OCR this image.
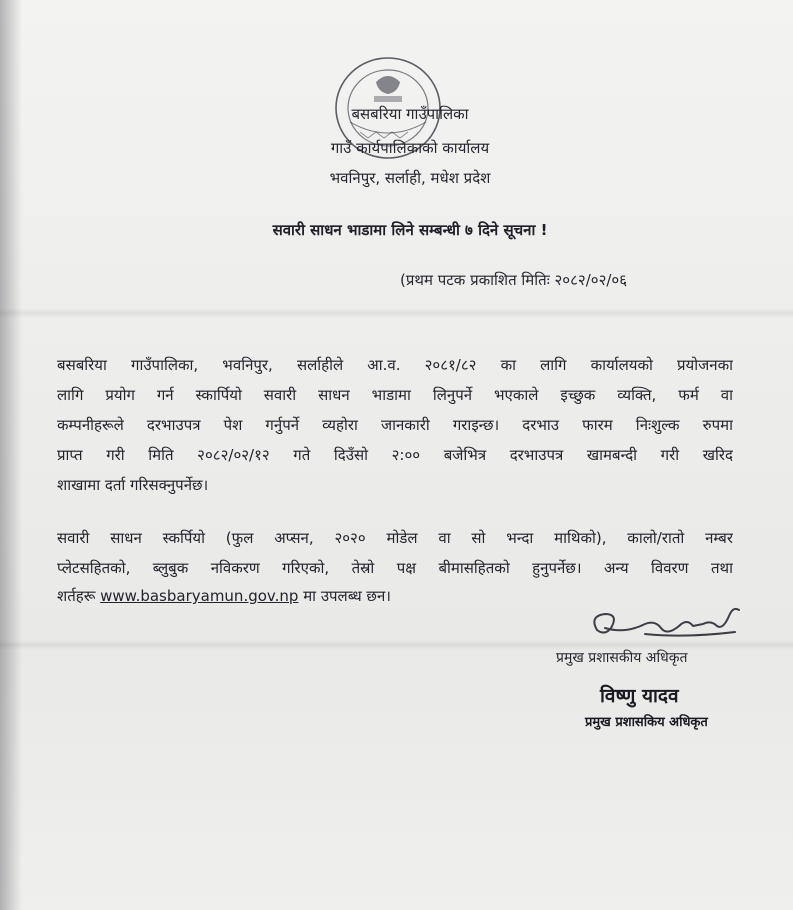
बसबरिया गाउँपालिका
गाउँ कार्यपालिकाको कार्यालय
भवनिपुर, सर्लाही, मधेश प्रदेश
सवारी साधन भाडामा लिने सम्बन्धी ७ दिने सूचना !
(प्रथम पटक प्रकाशित मितिः २०८२/०२/०६
बसबरिया गाउँपालिका, भवनिपुर, सर्लाहीले आ.व. २०८१/८२ का लागि कार्यालयको प्रयोजनका
लागि प्रयोग गर्न स्कार्पियो सवारी साधन भाडामा लिनुपर्ने भएकाले इच्छुक व्यक्ति, फर्म वा
कम्पनीहरूले दरभाउपत्र पेश गर्नुपर्ने व्यहोरा जानकारी गराइन्छ। दरभाउ फारम निःशुल्क रुपमा
प्राप्त गरी मिति २०८२/०२/१२ गते दिउँसो २:०० बजेभित्र दरभाउपत्र खामबन्दी गरी खरिद
शाखामा दर्ता गरिसक्नुपर्नेछ।
सवारी साधन स्कर्पियो (फुल अप्सन, २०२० मोडेल वा सो भन्दा माथिको), कालो/रातो नम्बर
प्लेटसहितको, ब्लुबुक नविकरण गरिएको, तेस्रो पक्ष बीमासहितको हुनुपर्नेछ। अन्य विवरण तथा
शर्तहरू www.basbaryamun.gov.np मा उपलब्ध छन।
प्रमुख प्रशासकीय अधिकृत
विष्णु यादव
प्रमुख प्रशासकिय अधिकृत
